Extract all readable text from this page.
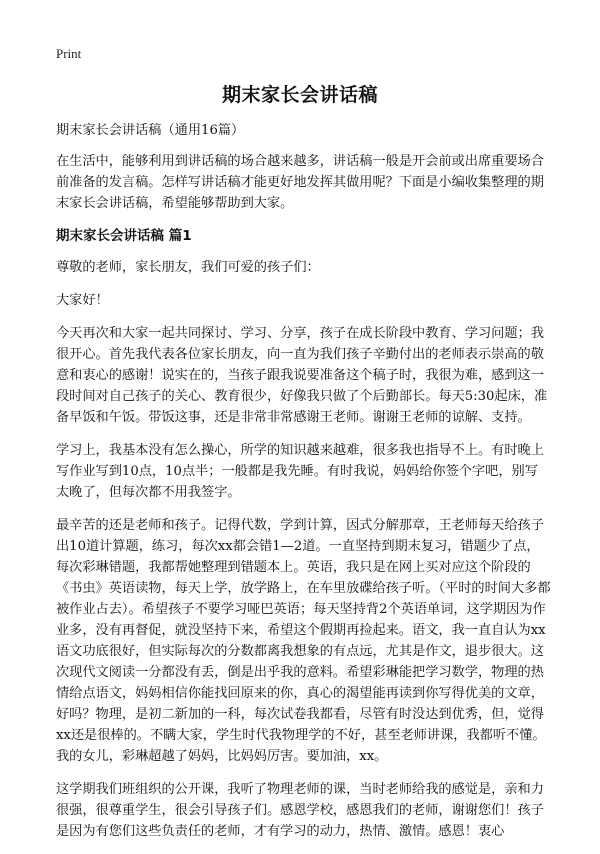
Print
期末家长会讲话稿

期末家长会讲话稿（通用16篇）

在生活中，能够利用到讲话稿的场合越来越多，讲话稿一般是开会前或出席重要场合前准备的发言稿。怎样写讲话稿才能更好地发挥其做用呢？下面是小编收集整理的期末家长会讲话稿，希望能够帮助到大家。

期末家长会讲话稿 篇1

尊敬的老师，家长朋友，我们可爱的孩子们：

大家好！

今天再次和大家一起共同探讨、学习、分享，孩子在成长阶段中教育、学习问题；我很开心。首先我代表各位家长朋友，向一直为我们孩子辛勤付出的老师表示崇高的敬意和衷心的感谢！说实在的，当孩子跟我说要准备这个稿子时，我很为难，感到这一段时间对自己孩子的关心、教育很少，好像我只做了个后勤部长。每天5:30起床，准备早饭和午饭。带饭这事，还是非常非常感谢王老师。谢谢王老师的谅解、支持。

学习上，我基本没有怎么操心，所学的知识越来越难，很多我也指导不上。有时晚上写作业写到10点，10点半；一般都是我先睡。有时我说，妈妈给你签个字吧，别写太晚了，但每次都不用我签字。

最辛苦的还是老师和孩子。记得代数，学到计算，因式分解那章，王老师每天给孩子出10道计算题，练习，每次xx都会错1—2道。一直坚持到期末复习，错题少了点，每次彩琳错题，我都帮她整理到错题本上。英语，我只是在网上买对应这个阶段的《书虫》英语读物，每天上学，放学路上，在车里放碟给孩子听。（平时的时间大多都被作业占去）。希望孩子不要学习哑巴英语；每天坚持背2个英语单词，这学期因为作业多，没有再督促，就没坚持下来，希望这个假期再捡起来。语文，我一直自认为xx语文功底很好，但实际每次的分数都离我想象的有点远，尤其是作文，退步很大。这次现代文阅读一分都没有丢，倒是出乎我的意料。希望彩琳能把学习数学，物理的热情给点语文，妈妈相信你能找回原来的你，真心的渴望能再读到你写得优美的文章，好吗？物理，是初二新加的一科，每次试卷我都看，尽管有时没达到优秀，但，觉得xx还是很棒的。不瞒大家，学生时代我物理学的不好，甚至老师讲课，我都听不懂。我的女儿，彩琳超越了妈妈，比妈妈厉害。要加油，xx。

这学期我们班组织的公开课，我听了物理老师的课，当时老师给我的感觉是，亲和力很强，很尊重学生，很会引导孩子们。感恩学校，感恩我们的老师，谢谢您们！孩子是因为有您们这些负责任的老师，才有学习的动力，热情、激情。感恩！衷心
